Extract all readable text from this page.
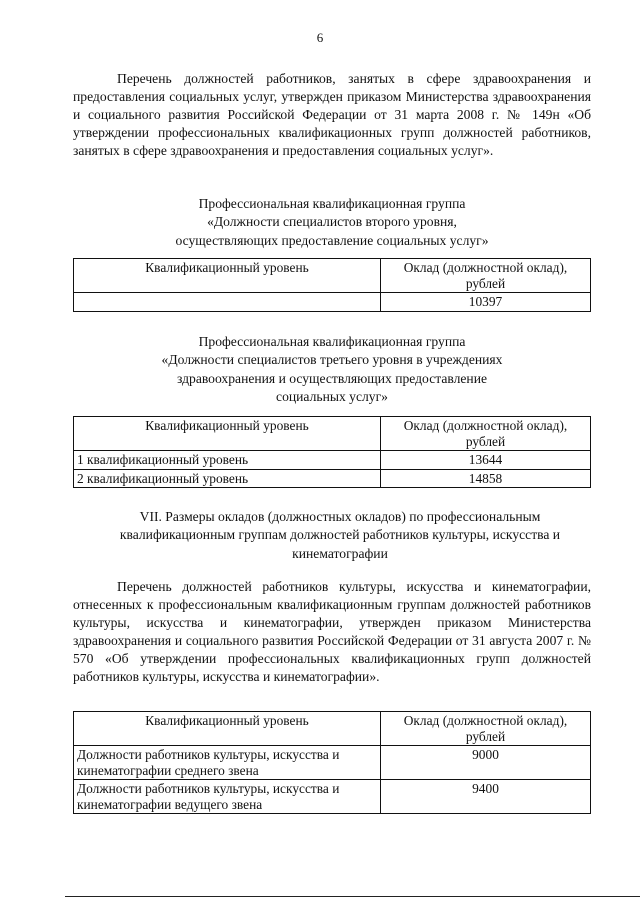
6

Перечень должностей работников, занятых в сфере здравоохранения и предоставления социальных услуг, утвержден приказом Министерства здравоохранения и социального развития Российской Федерации от 31 марта 2008 г. № 149н «Об утверждении профессиональных квалификационных групп должностей работников, занятых в сфере здравоохранения и предоставления социальных услуг».

Профессиональная квалификационная группа
«Должности специалистов второго уровня,
осуществляющих предоставление социальных услуг»
Квалификационный уровень	Оклад (должностной оклад),
рублей

	10397
Профессиональная квалификационная группа
«Должности специалистов третьего уровня в учреждениях
здравоохранения и осуществляющих предоставление
социальных услуг»
Квалификационный уровень	Оклад (должностной оклад),
рублей

1 квалификационный уровень	13644
2 квалификационный уровень	14858
VII. Размеры окладов (должностных окладов) по профессиональным
квалификационным группам должностей работников культуры, искусства и
кинематографии

Перечень должностей работников культуры, искусства и кинематографии, отнесенных к профессиональным квалификационным группам должностей работников культуры, искусства и кинематографии, утвержден приказом Министерства здравоохранения и социального развития Российской Федерации от 31 августа 2007 г. № 570 «Об утверждении профессиональных квалификационных групп должностей работников культуры, искусства и кинематографии».

Квалификационный уровень	Оклад (должностной оклад),
рублей

Должности работников культуры, искусства и кинематографии среднего звена	9000
Должности работников культуры, искусства и кинематографии ведущего звена	9400
